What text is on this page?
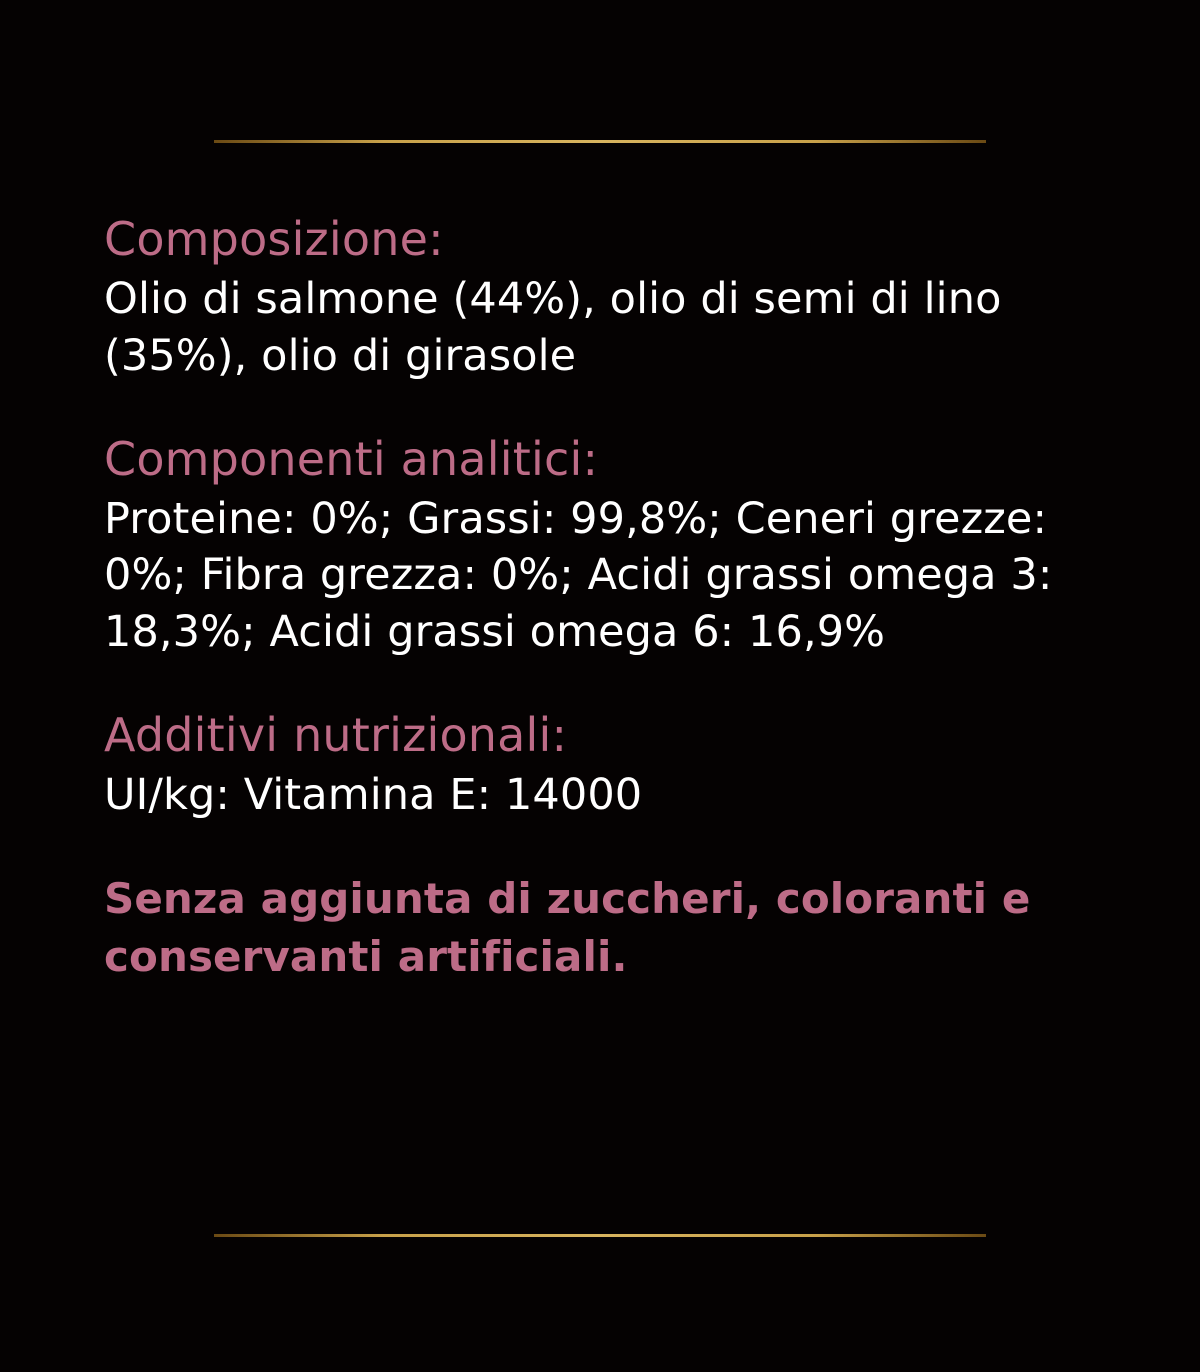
Composizione:

Olio di salmone (44%), olio di semi di lino (35%), olio di girasole

Componenti analitici:

Proteine: 0%; Grassi: 99,8%; Ceneri grezze: 0%; Fibra grezza: 0%; Acidi grassi omega 3: 18,3%; Acidi grassi omega 6: 16,9%

Additivi nutrizionali:

UI/kg: Vitamina E: 14000

Senza aggiunta di zuccheri, coloranti e conservanti artificiali.
